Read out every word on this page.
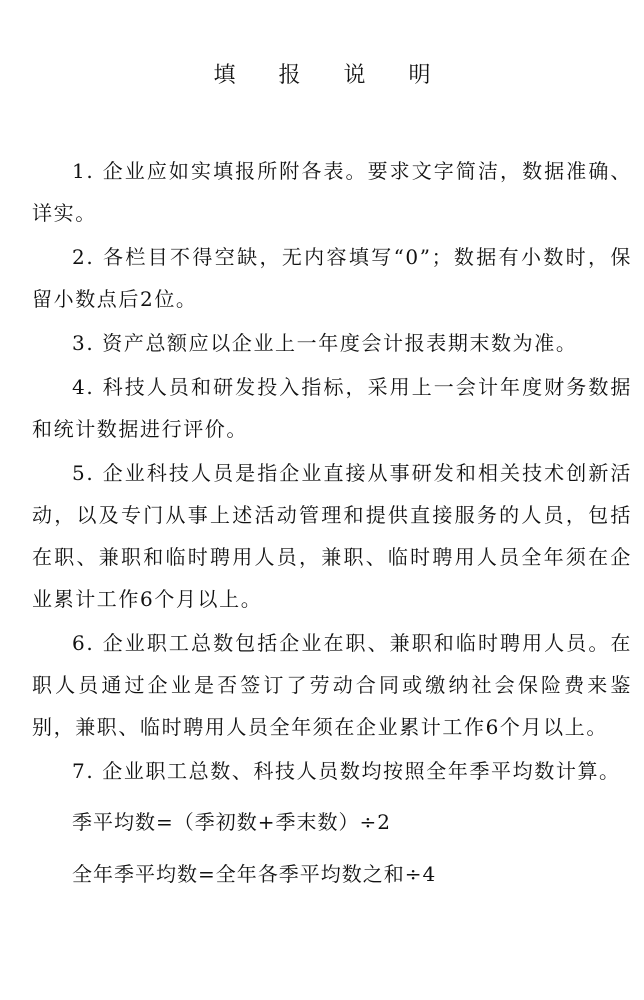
填 报 说 明

1. 企业应如实填报所附各表。要求文字简洁，数据准确、详实。

2. 各栏目不得空缺，无内容填写“0”；数据有小数时，保留小数点后2位。

3. 资产总额应以企业上一年度会计报表期末数为准。

4. 科技人员和研发投入指标，采用上一会计年度财务数据和统计数据进行评价。

5. 企业科技人员是指企业直接从事研发和相关技术创新活动，以及专门从事上述活动管理和提供直接服务的人员，包括在职、兼职和临时聘用人员，兼职、临时聘用人员全年须在企业累计工作6个月以上。

6. 企业职工总数包括企业在职、兼职和临时聘用人员。在职人员通过企业是否签订了劳动合同或缴纳社会保险费来鉴别，兼职、临时聘用人员全年须在企业累计工作6个月以上。

7. 企业职工总数、科技人员数均按照全年季平均数计算。

季平均数=（季初数+季末数）÷2

全年季平均数=全年各季平均数之和÷4
